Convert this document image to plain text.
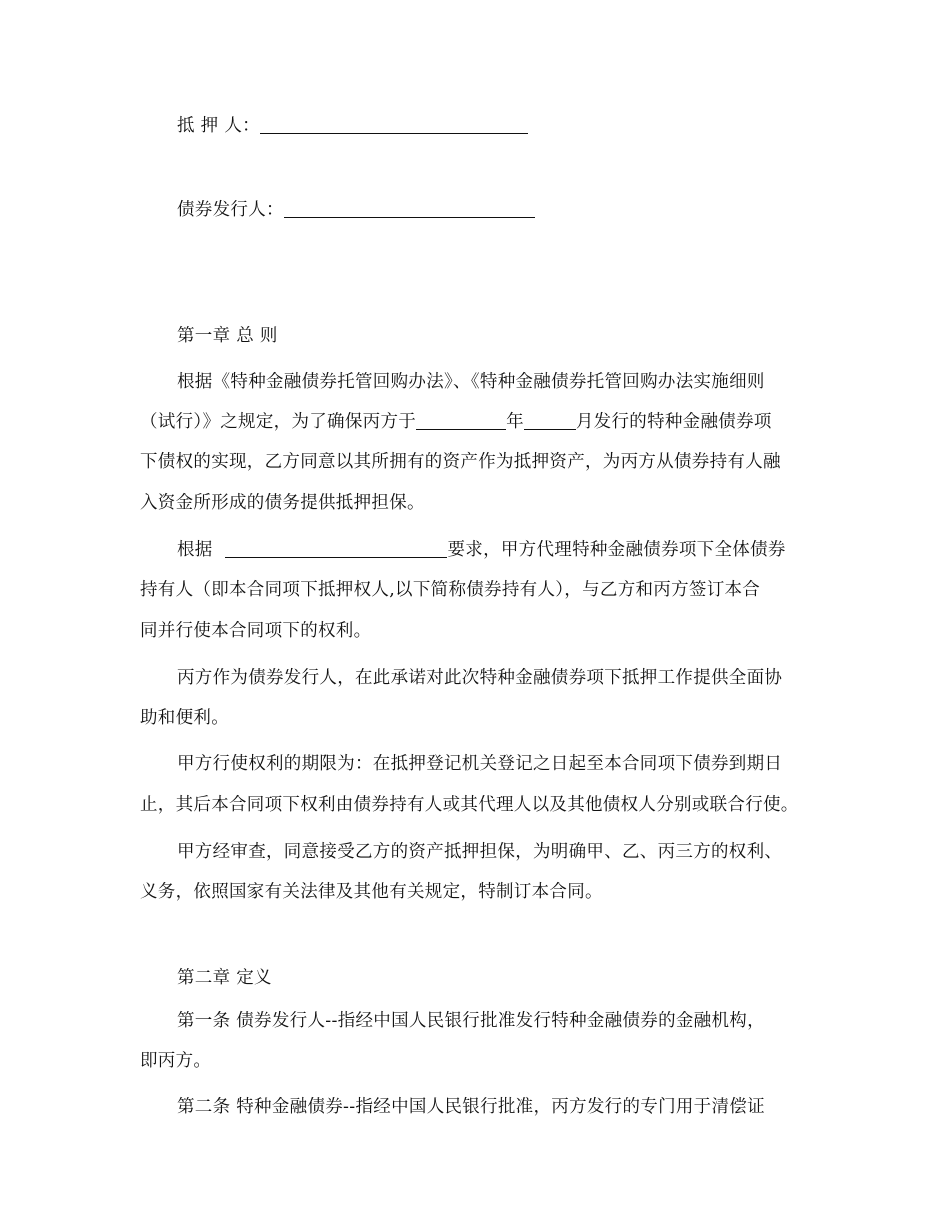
抵 押 人：
债券发行人：
第一章 总 则
根据《特种金融债券托管回购办法》、《特种金融债券托管回购办法实施细则
（试行）》之规定，为了确保丙方于	年	月发行的特种金融债券项
下债权的实现，乙方同意以其所拥有的资产作为抵押资产，为丙方从债券持有人融
入资金所形成的债务提供抵押担保。
根据	要求，甲方代理特种金融债券项下全体债券
持有人（即本合同项下抵押权人,以下简称债券持有人），与乙方和丙方签订本合
同并行使本合同项下的权利。
丙方作为债券发行人，在此承诺对此次特种金融债券项下抵押工作提供全面协
助和便利。
甲方行使权利的期限为：在抵押登记机关登记之日起至本合同项下债券到期日
止，其后本合同项下权利由债券持有人或其代理人以及其他债权人分别或联合行使。
甲方经审查，同意接受乙方的资产抵押担保，为明确甲、乙、丙三方的权利、
义务，依照国家有关法律及其他有关规定，特制订本合同。
第二章 定义
第一条 债券发行人--指经中国人民银行批准发行特种金融债券的金融机构，
即丙方。
第二条 特种金融债券--指经中国人民银行批准，丙方发行的专门用于清偿证
